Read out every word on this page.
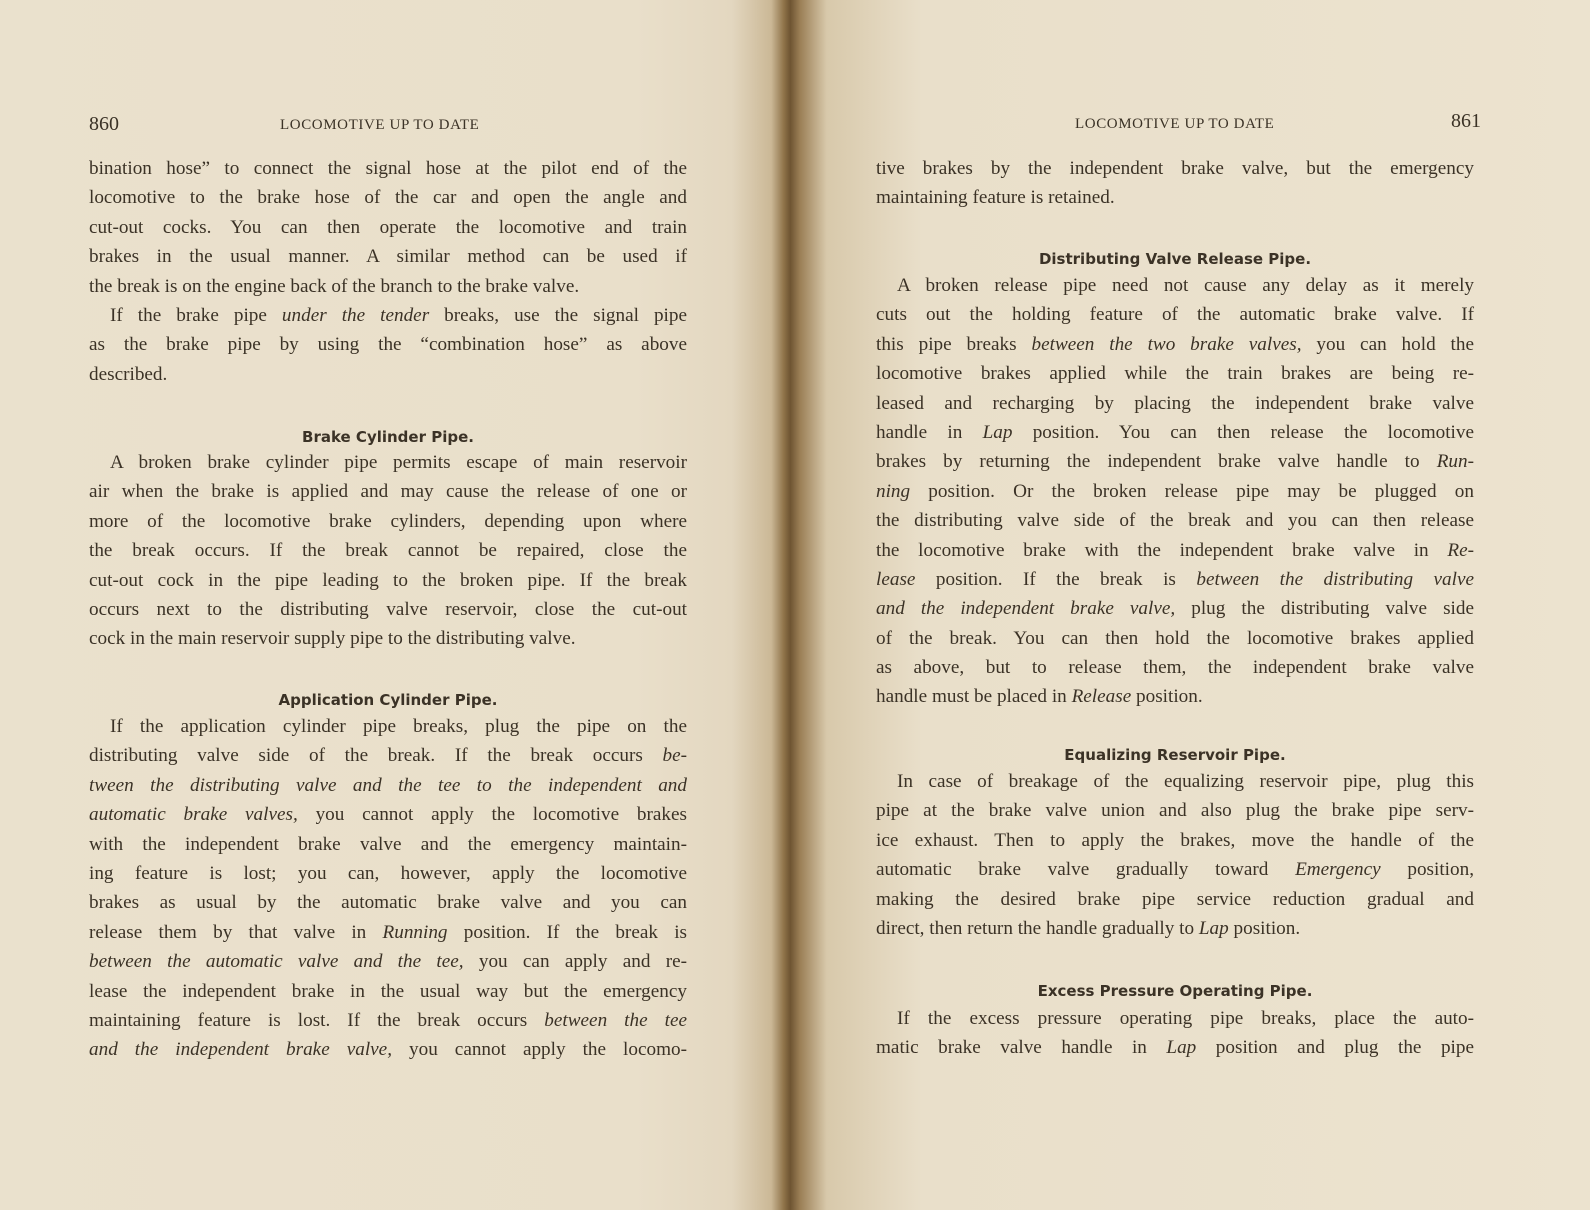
860	LOCOMOTIVE UP TO DATE
bination hose” to connect the signal hose at the pilot end of the
locomotive to the brake hose of the car and open the angle and
cut-out cocks. You can then operate the locomotive and train
brakes in the usual manner. A similar method can be used if
the break is on the engine back of the branch to the brake valve.
If the brake pipe under the tender breaks, use the signal pipe
as the brake pipe by using the “combination hose” as above
described.
Brake Cylinder Pipe.
A broken brake cylinder pipe permits escape of main reservoir
air when the brake is applied and may cause the release of one or
more of the locomotive brake cylinders, depending upon where
the break occurs. If the break cannot be repaired, close the
cut-out cock in the pipe leading to the broken pipe. If the break
occurs next to the distributing valve reservoir, close the cut-out
cock in the main reservoir supply pipe to the distributing valve.
Application Cylinder Pipe.
If the application cylinder pipe breaks, plug the pipe on the
distributing valve side of the break. If the break occurs be-
tween the distributing valve and the tee to the independent and
automatic brake valves, you cannot apply the locomotive brakes
with the independent brake valve and the emergency maintain-
ing feature is lost; you can, however, apply the locomotive
brakes as usual by the automatic brake valve and you can
release them by that valve in Running position. If the break is
between the automatic valve and the tee, you can apply and re-
lease the independent brake in the usual way but the emergency
maintaining feature is lost. If the break occurs between the tee
and the independent brake valve, you cannot apply the locomo-
LOCOMOTIVE UP TO DATE	861
tive brakes by the independent brake valve, but the emergency
maintaining feature is retained.
Distributing Valve Release Pipe.
A broken release pipe need not cause any delay as it merely
cuts out the holding feature of the automatic brake valve. If
this pipe breaks between the two brake valves, you can hold the
locomotive brakes applied while the train brakes are being re-
leased and recharging by placing the independent brake valve
handle in Lap position. You can then release the locomotive
brakes by returning the independent brake valve handle to Run-
ning position. Or the broken release pipe may be plugged on
the distributing valve side of the break and you can then release
the locomotive brake with the independent brake valve in Re-
lease position. If the break is between the distributing valve
and the independent brake valve, plug the distributing valve side
of the break. You can then hold the locomotive brakes applied
as above, but to release them, the independent brake valve
handle must be placed in Release position.
Equalizing Reservoir Pipe.
In case of breakage of the equalizing reservoir pipe, plug this
pipe at the brake valve union and also plug the brake pipe serv-
ice exhaust. Then to apply the brakes, move the handle of the
automatic brake valve gradually toward Emergency position,
making the desired brake pipe service reduction gradual and
direct, then return the handle gradually to Lap position.
Excess Pressure Operating Pipe.
If the excess pressure operating pipe breaks, place the auto-
matic brake valve handle in Lap position and plug the pipe
